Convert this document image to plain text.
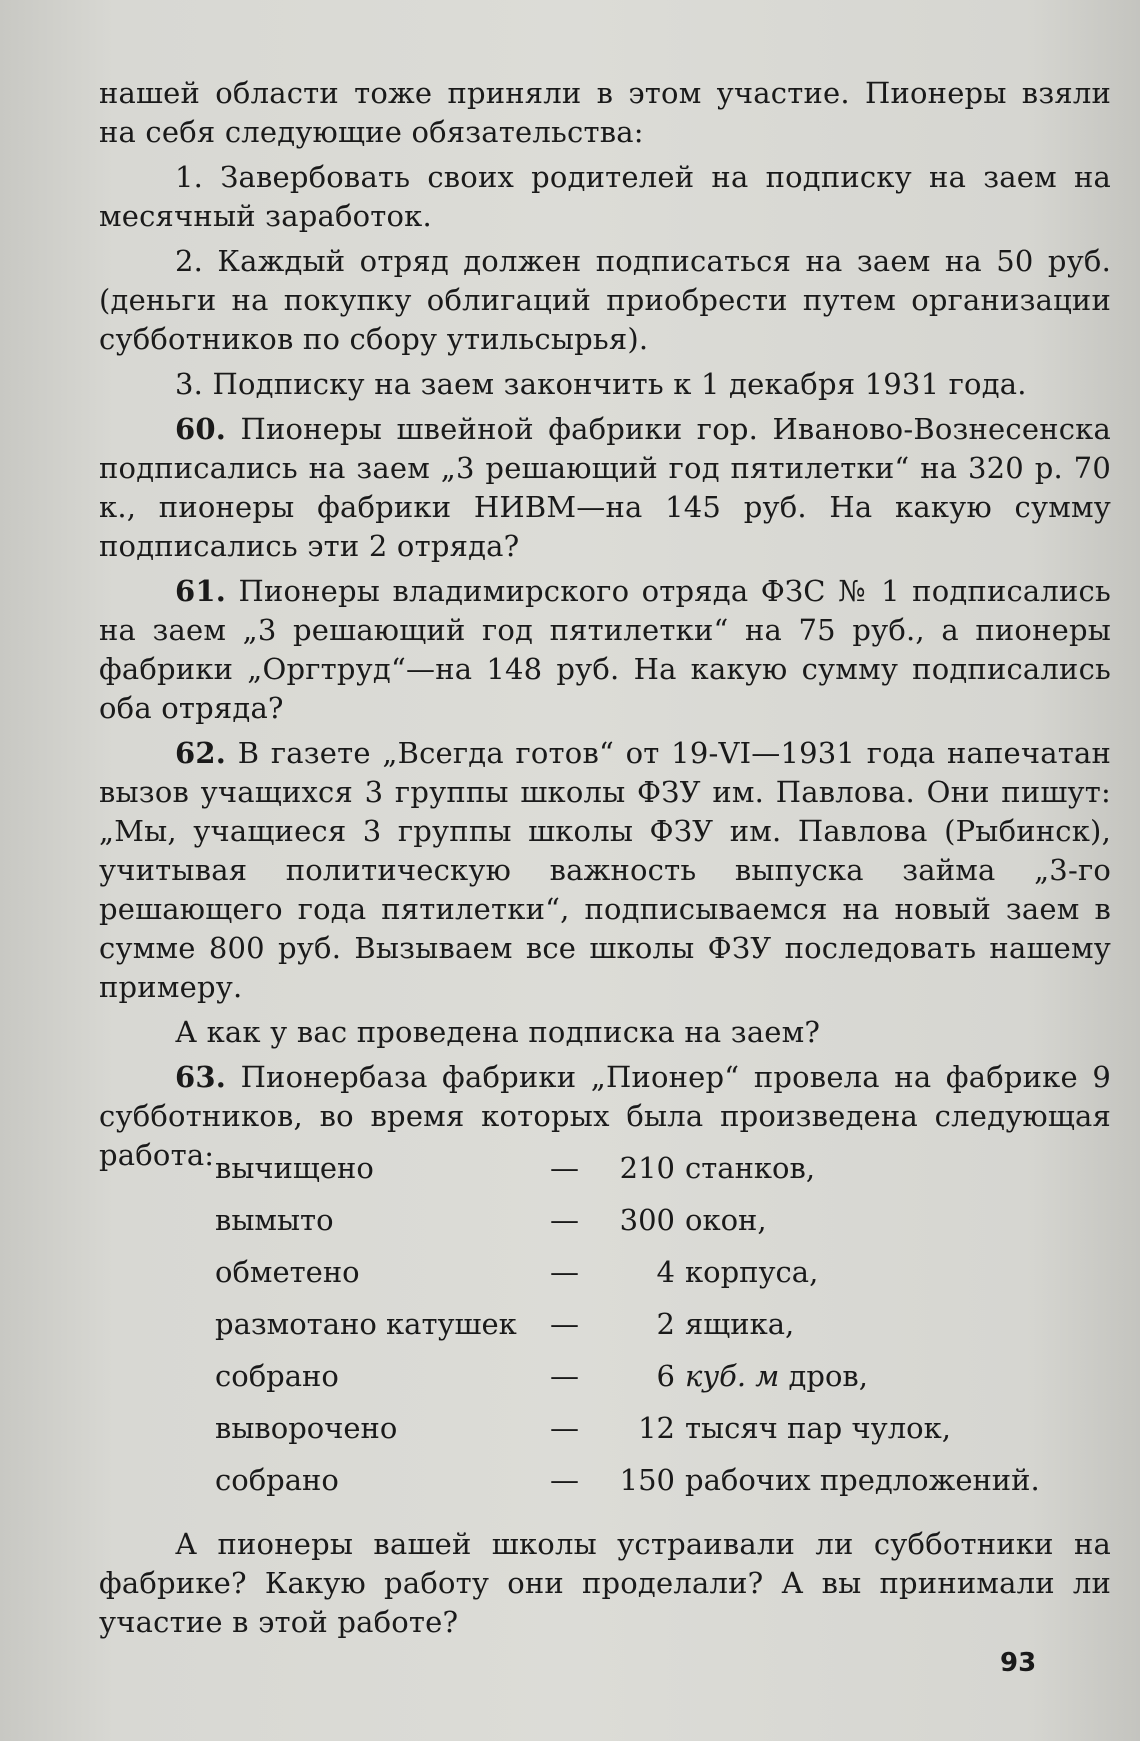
нашей области тоже приняли в этом участие. Пионеры взяли на себя следующие обязательства:

1. Завербовать своих родителей на подписку на заем на месячный заработок.

2. Каждый отряд должен подписаться на заем на 50 руб. (деньги на покупку облигаций приобрести путем организации субботников по сбору утильсырья).

3. Подписку на заем закончить к 1 декабря 1931 года.

60. Пионеры швейной фабрики гор. Иваново-Вознесенска подписались на заем „3 решающий год пятилетки“ на 320 р. 70 к., пионеры фабрики НИВМ—на 145 руб. На какую сумму подписались эти 2 отряда?

61. Пионеры владимирского отряда ФЗС № 1 подписались на заем „3 решающий год пятилетки“ на 75 руб., а пионеры фабрики „Оргтруд“—на 148 руб. На какую сумму подписались оба отряда?

62. В газете „Всегда готов“ от 19-VI—1931 года напечатан вызов учащихся 3 группы школы ФЗУ им. Павлова. Они пишут: „Мы, учащиеся 3 группы школы ФЗУ им. Павлова (Рыбинск), учитывая политическую важность выпуска займа „3-го решающего года пятилетки“, подписываемся на новый заем в сумме 800 руб. Вызываем все школы ФЗУ последовать нашему примеру.

А как у вас проведена подписка на заем?

63. Пионербаза фабрики „Пионер“ провела на фабрике 9 субботников, во время которых была произведена следующая работа: вычищено	—	210 станков,
вымыто	—	300 окон,
обметено	—	4 корпуса,
размотано катушек —	2 ящика,
собрано	—	6 куб. м дров,
выворочено	—	12 тысяч пар чулок,
собрано	—	150 рабочих предложений.

А пионеры вашей школы устраивали ли субботники на фабрике? Какую работу они проделали? А вы принимали ли участие в этой работе?

93
